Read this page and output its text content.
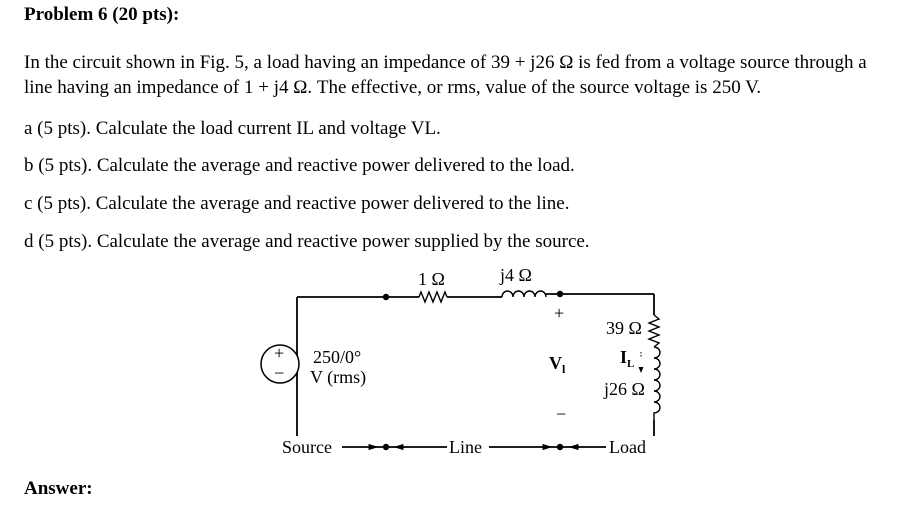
Problem 6 (20 pts):
In the circuit shown in Fig. 5, a load having an impedance of 39 + j26 Ω is fed from a voltage source through a line having an impedance of 1 + j4 Ω. The effective, or rms, value of the source voltage is 250 V.
a (5 pts). Calculate the load current IL and voltage VL.
b (5 pts). Calculate the average and reactive power delivered to the load.
c (5 pts). Calculate the average and reactive power delivered to the line.
d (5 pts). Calculate the average and reactive power supplied by the source.
+
−
250/0°
V (rms)
1 Ω	j4 Ω
39 Ω
j26 Ω
+
−
$V_l$
$I_L$
Source	Line	Load
Answer:
